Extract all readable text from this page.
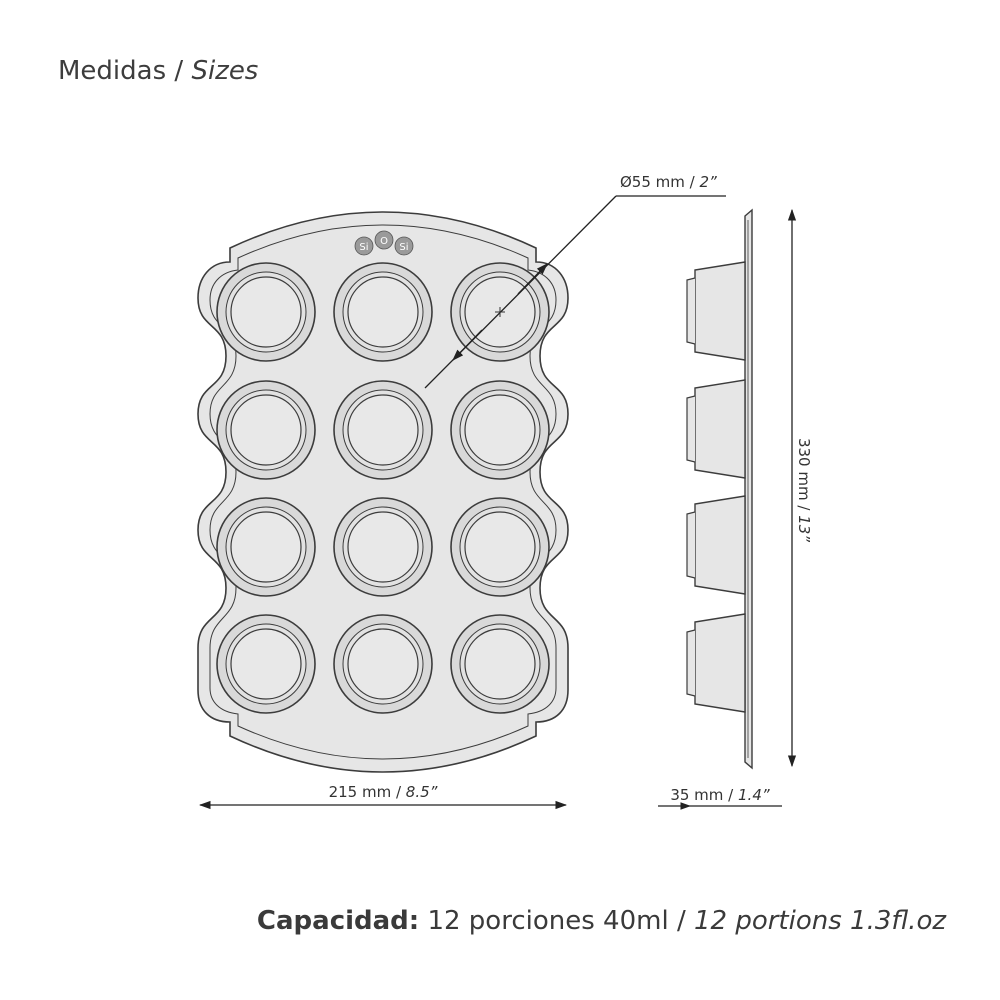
Medidas / Sizes
Si
O
Si
Ø55 mm / 2”
215 mm / 8.5”
330 mm / 13”
35 mm / 1.4”
Capacidad: 12 porciones 40ml / 12 portions 1.3fl.oz
